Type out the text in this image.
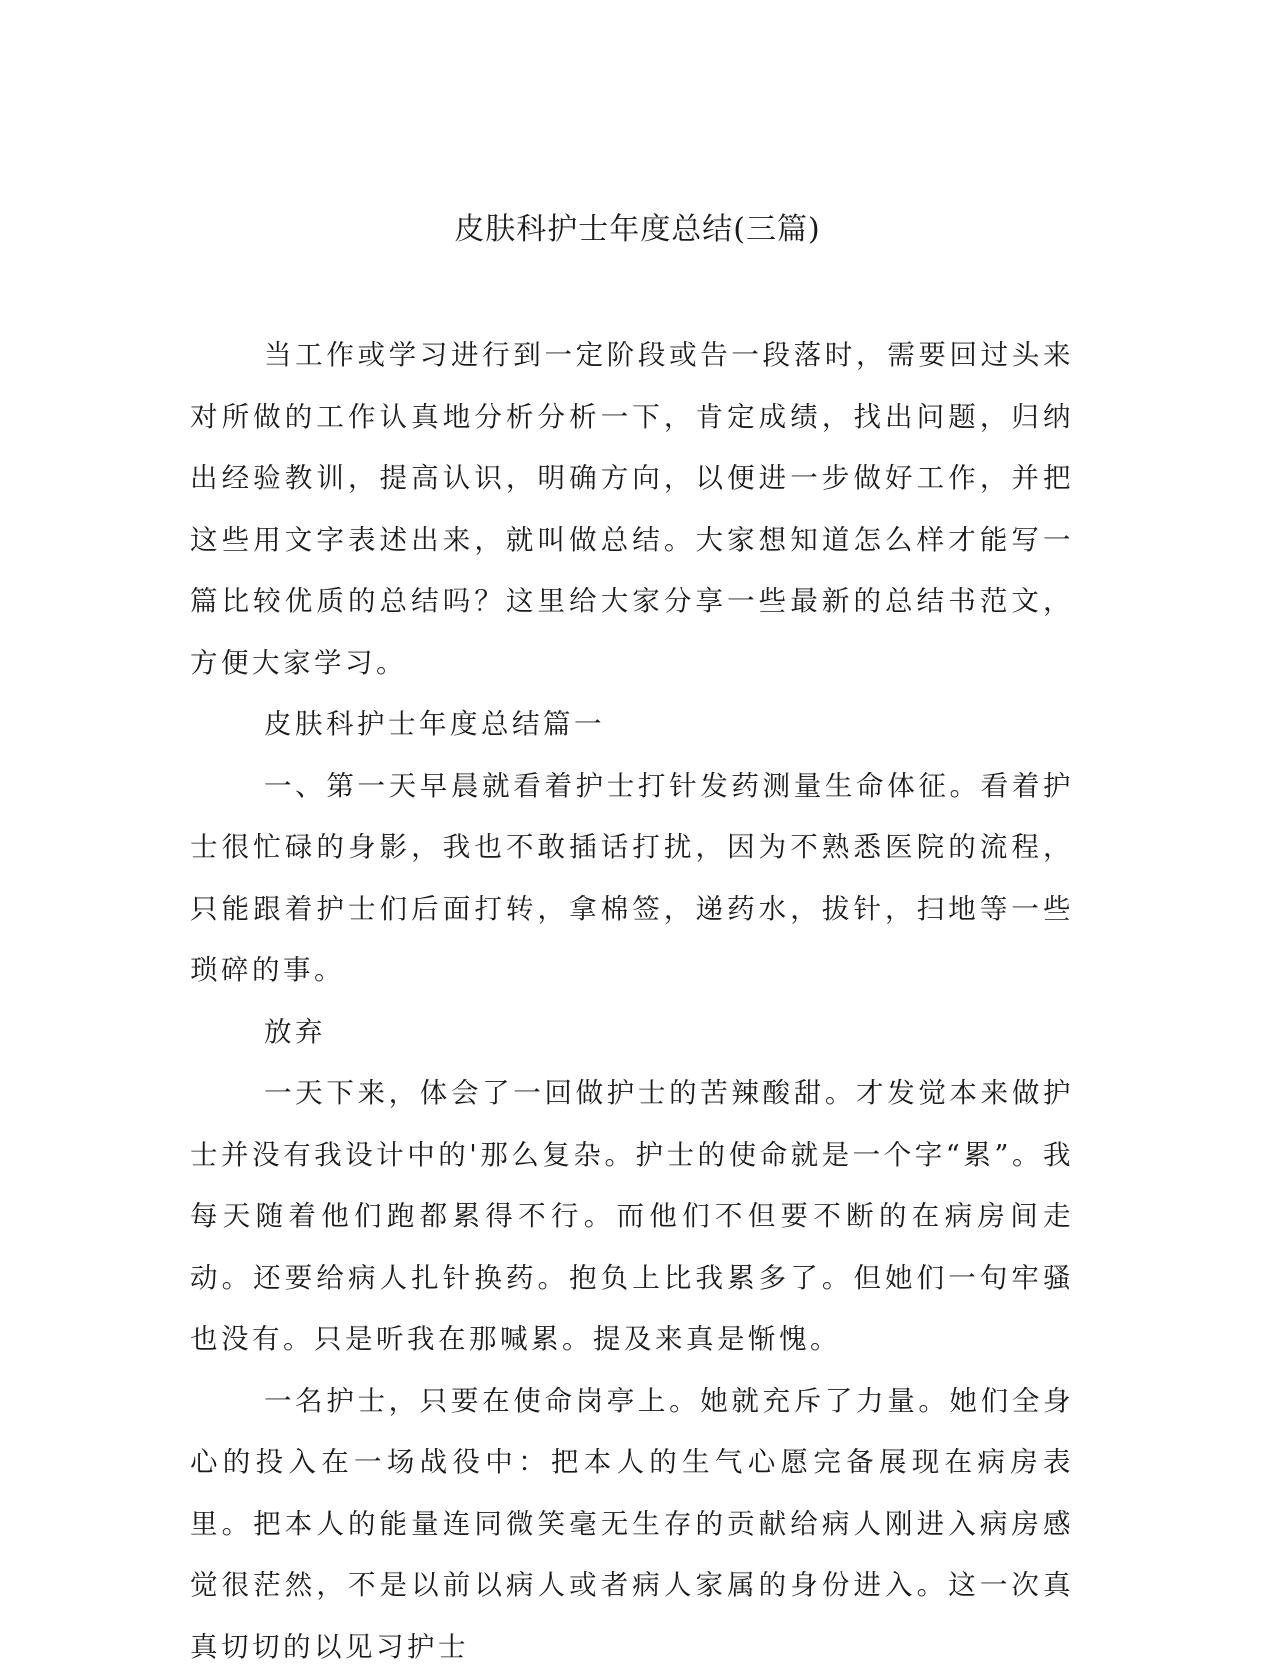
皮肤科护士年度总结(三篇)

当工作或学习进行到一定阶段或告一段落时，需要回过头来对所做的工作认真地分析分析一下，肯定成绩，找出问题，归纳出经验教训，提高认识，明确方向，以便进一步做好工作，并把这些用文字表述出来，就叫做总结。大家想知道怎么样才能写一篇比较优质的总结吗？这里给大家分享一些最新的总结书范文，方便大家学习。

皮肤科护士年度总结篇一

一、第一天早晨就看着护士打针发药测量生命体征。看着护士很忙碌的身影，我也不敢插话打扰，因为不熟悉医院的流程，只能跟着护士们后面打转，拿棉签，递药水，拔针，扫地等一些琐碎的事。

放弃

一天下来，体会了一回做护士的苦辣酸甜。才发觉本来做护士并没有我设计中的'那么复杂。护士的使命就是一个字“累”。我每天随着他们跑都累得不行。而他们不但要不断的在病房间走动。还要给病人扎针换药。抱负上比我累多了。但她们一句牢骚也没有。只是听我在那喊累。提及来真是惭愧。

一名护士，只要在使命岗亭上。她就充斥了力量。她们全身心的投入在一场战役中：把本人的生气心愿完备展现在病房表里。把本人的能量连同微笑毫无生存的贡献给病人刚进入病房感觉很茫然，不是以前以病人或者病人家属的身份进入。这一次真真切切的以见习护士
